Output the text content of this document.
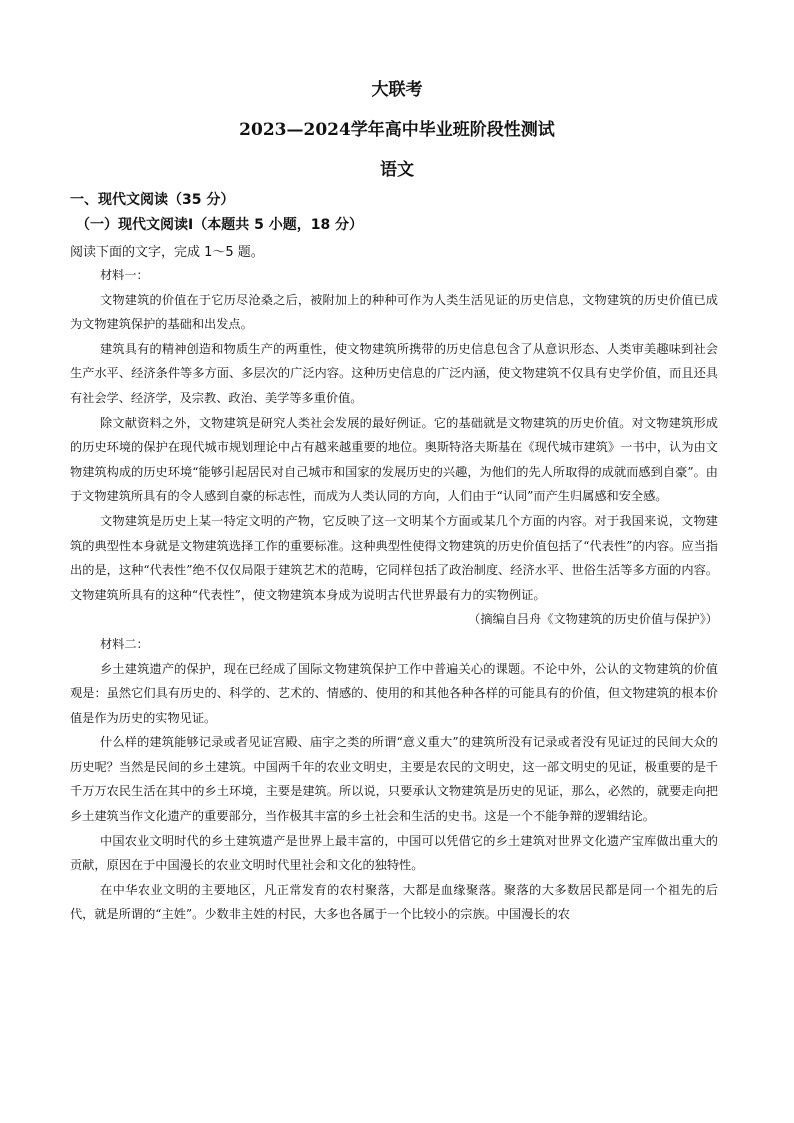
大联考
2023—2024学年高中毕业班阶段性测试
语文
一、现代文阅读（35 分）
（一）现代文阅读Ⅰ（本题共 5 小题，18 分）
阅读下面的文字，完成 1～5 题。
材料一：

文物建筑的价值在于它历尽沧桑之后，被附加上的种种可作为人类生活见证的历史信息，文物建筑的历史价值已成为文物建筑保护的基础和出发点。

建筑具有的精神创造和物质生产的两重性，使文物建筑所携带的历史信息包含了从意识形态、人类审美趣味到社会生产水平、经济条件等多方面、多层次的广泛内容。这种历史信息的广泛内涵，使文物建筑不仅具有史学价值，而且还具有社会学、经济学，及宗教、政治、美学等多重价值。

除文献资料之外，文物建筑是研究人类社会发展的最好例证。它的基础就是文物建筑的历史价值。对文物建筑形成的历史环境的保护在现代城市规划理论中占有越来越重要的地位。奥斯特洛夫斯基在《现代城市建筑》一书中，认为由文物建筑构成的历史环境“能够引起居民对自己城市和国家的发展历史的兴趣，为他们的先人所取得的成就而感到自豪”。由于文物建筑所具有的令人感到自豪的标志性，而成为人类认同的方向，人们由于“认同”而产生归属感和安全感。

文物建筑是历史上某一特定文明的产物，它反映了这一文明某个方面或某几个方面的内容。对于我国来说，文物建筑的典型性本身就是文物建筑选择工作的重要标准。这种典型性使得文物建筑的历史价值包括了“代表性”的内容。应当指出的是，这种“代表性”绝不仅仅局限于建筑艺术的范畴，它同样包括了政治制度、经济水平、世俗生活等多方面的内容。文物建筑所具有的这种“代表性”，使文物建筑本身成为说明古代世界最有力的实物例证。

（摘编自吕舟《文物建筑的历史价值与保护》）
材料二：

乡土建筑遗产的保护，现在已经成了国际文物建筑保护工作中普遍关心的课题。不论中外，公认的文物建筑的价值观是：虽然它们具有历史的、科学的、艺术的、情感的、使用的和其他各种各样的可能具有的价值，但文物建筑的根本价值是作为历史的实物见证。

什么样的建筑能够记录或者见证宫殿、庙宇之类的所谓“意义重大”的建筑所没有记录或者没有见证过的民间大众的历史呢？当然是民间的乡土建筑。中国两千年的农业文明史，主要是农民的文明史，这一部文明史的见证，极重要的是千千万万农民生活在其中的乡土环境，主要是建筑。所以说，只要承认文物建筑是历史的见证，那么，必然的，就要走向把乡土建筑当作文化遗产的重要部分，当作极其丰富的乡土社会和生活的史书。这是一个不能争辩的逻辑结论。

中国农业文明时代的乡土建筑遗产是世界上最丰富的，中国可以凭借它的乡土建筑对世界文化遗产宝库做出重大的贡献，原因在于中国漫长的农业文明时代里社会和文化的独特性。

在中华农业文明的主要地区，凡正常发育的农村聚落，大都是血缘聚落。聚落的大多数居民都是同一个祖先的后代，就是所谓的“主姓”。少数非主姓的村民，大多也各属于一个比较小的宗族。中国漫长的农
